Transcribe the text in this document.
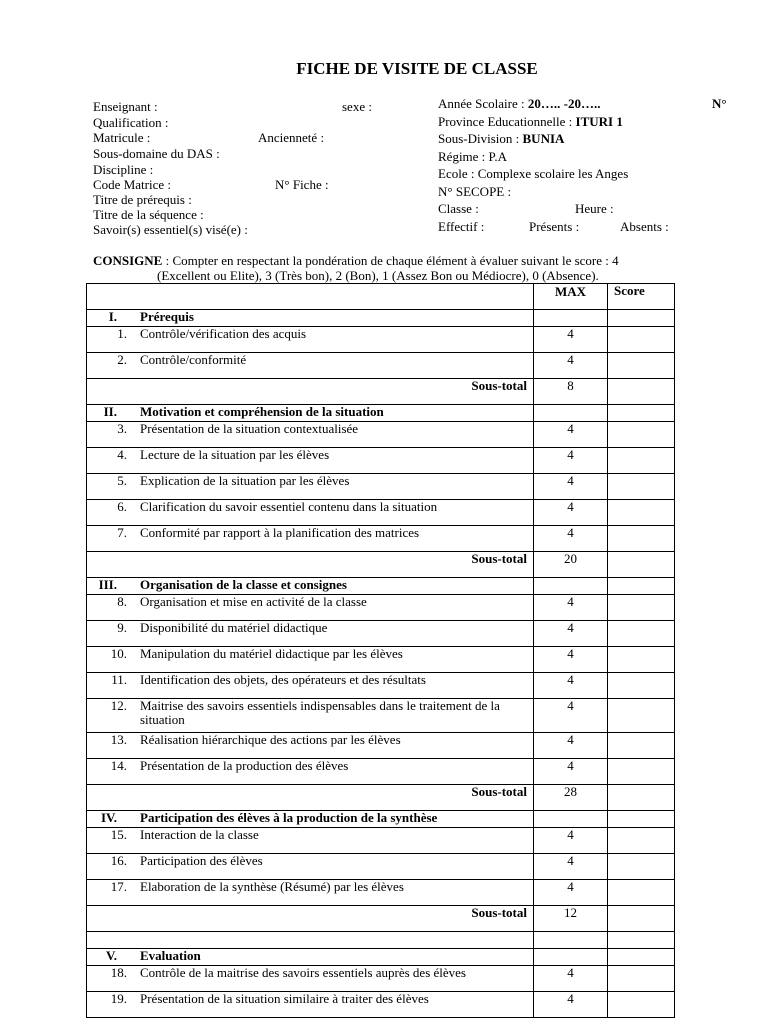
FICHE DE VISITE DE CLASSE
Enseignant :	sexe :
Qualification :
Matricule :	Ancienneté :
Sous-domaine du DAS :
Discipline :
Code Matrice :	N° Fiche :
Titre de prérequis :
Titre de la séquence :
Savoir(s) essentiel(s) visé(e) :
Année Scolaire : 20….. -20…..	N°
Province Educationnelle : ITURI 1
Sous-Division : BUNIA
Régime : P.A
Ecole : Complexe scolaire les Anges
N° SECOPE :
Classe :	Heure :
Effectif :	Présents :	Absents :
CONSIGNE : Compter en respectant la pondération de chaque élément à évaluer suivant le score : 4
(Excellent ou Elite), 3 (Très bon), 2 (Bon), 1 (Assez Bon ou Médiocre), 0 (Absence).
	MAX	Score
I. Prérequis		
1. Contrôle/vérification des acquis	4	
2. Contrôle/conformité	4	
Sous-total	8	
II. Motivation et compréhension de la situation		
3. Présentation de la situation contextualisée	4	
4. Lecture de la situation par les élèves	4	
5. Explication de la situation par les élèves	4	
6. Clarification du savoir essentiel contenu dans la situation	4	
7. Conformité par rapport à la planification des matrices	4	
Sous-total	20	
III. Organisation de la classe et consignes		
8. Organisation et mise en activité de la classe	4	
9. Disponibilité du matériel didactique	4	
10. Manipulation du matériel didactique par les élèves	4	
11. Identification des objets, des opérateurs et des résultats	4	
12. Maitrise des savoirs essentiels indispensables dans le traitement de la situation	4	
13. Réalisation hiérarchique des actions par les élèves	4	
14. Présentation de la production des élèves	4	
Sous-total	28	
IV. Participation des élèves à la production de la synthèse		
15. Interaction de la classe	4	
16. Participation des élèves	4	
17. Elaboration de la synthèse (Résumé) par les élèves	4	
Sous-total	12	

V. Evaluation		
18. Contrôle de la maitrise des savoirs essentiels auprès des élèves	4	
19. Présentation de la situation similaire à traiter des élèves	4	
